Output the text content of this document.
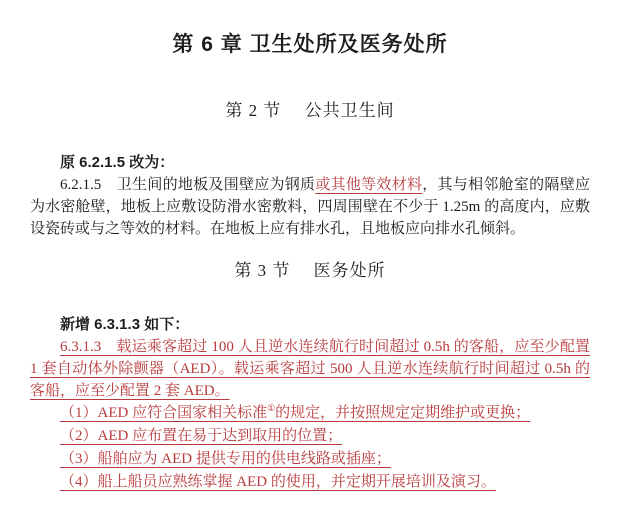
第 6 章 卫生处所及医务处所
第 2 节　 公共卫生间

原 6.2.1.5 改为：

6.2.1.5　卫生间的地板及围壁应为钢质或其他等效材料，其与相邻舱室的隔壁应为水密舱壁，地板上应敷设防滑水密敷料，四周围壁在不少于 1.25m 的高度内，应敷设瓷砖或与之等效的材料。在地板上应有排水孔，且地板应向排水孔倾斜。

第 3 节　 医务处所

新增 6.3.1.3 如下：

6.3.1.3　载运乘客超过 100 人且逆水连续航行时间超过 0.5h 的客船，应至少配置 1 套自动体外除颤器（AED）。载运乘客超过 500 人且逆水连续航行时间超过 0.5h 的客船，应至少配置 2 套 AED。

（1）AED 应符合国家相关标准①的规定，并按照规定定期维护或更换；

（2）AED 应布置在易于达到取用的位置；

（3）船舶应为 AED 提供专用的供电线路或插座；

（4）船上船员应熟练掌握 AED 的使用，并定期开展培训及演习。
